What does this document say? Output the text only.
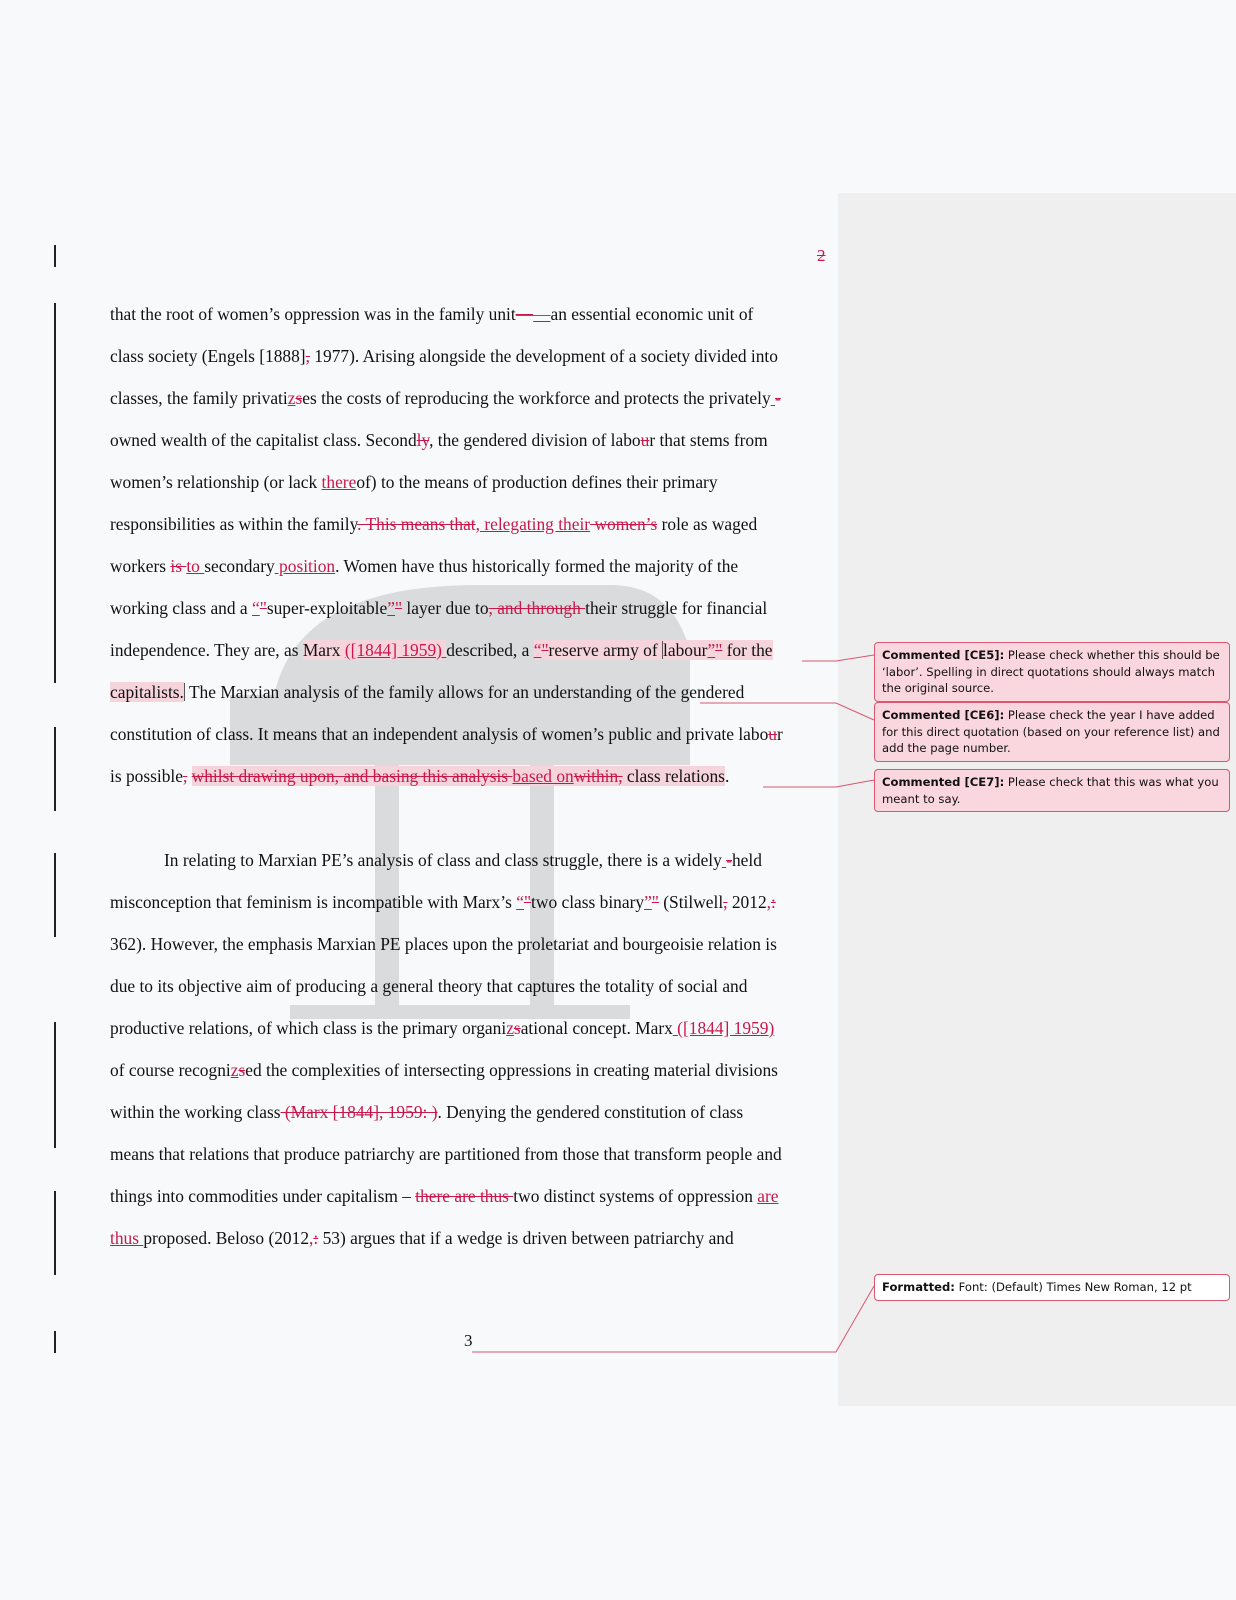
2
that the root of women’s oppression was in the family unit——an essential economic unit of
class society (Engels [1888], 1977). Arising alongside the development of a society divided into
classes, the family privatizses the costs of reproducing the workforce and protects the privately -
owned wealth of the capitalist class. Secondly, the gendered division of labour that stems from
women’s relationship (or lack thereof) to the means of production defines their primary
responsibilities as within the family. This means that, relegating their women’s role as waged
workers is to secondary position. Women have thus historically formed the majority of the
working class and a “"super-exploitable”" layer due to, and through their struggle for financial
independence. They are, as Marx ([1844] 1959) described, a “"reserve army of labour”" for the
capitalists. The Marxian analysis of the family allows for an understanding of the gendered
constitution of class. It means that an independent analysis of women’s public and private labour
is possible, whilst drawing upon, and basing this analysis based onwithin, class relations.
In relating to Marxian PE’s analysis of class and class struggle, there is a widely -held
misconception that feminism is incompatible with Marx’s “"two class binary”" (Stilwell, 2012,:
362). However, the emphasis Marxian PE places upon the proletariat and bourgeoisie relation is
due to its objective aim of producing a general theory that captures the totality of social and
productive relations, of which class is the primary organizsational concept. Marx ([1844] 1959)
of course recognizsed the complexities of intersecting oppressions in creating material divisions
within the working class (Marx [1844], 1959: ). Denying the gendered constitution of class
means that relations that produce patriarchy are partitioned from those that transform people and
things into commodities under capitalism – there are thus two distinct systems of oppression are
thus proposed. Beloso (2012,: 53) argues that if a wedge is driven between patriarchy and
3
Commented [CE5]: Please check whether this should be ‘labor’. Spelling in direct quotations should always match the original source.
Commented [CE6]: Please check the year I have added for this direct quotation (based on your reference list) and add the page number.
Commented [CE7]: Please check that this was what you meant to say.
Formatted: Font: (Default) Times New Roman, 12 pt
